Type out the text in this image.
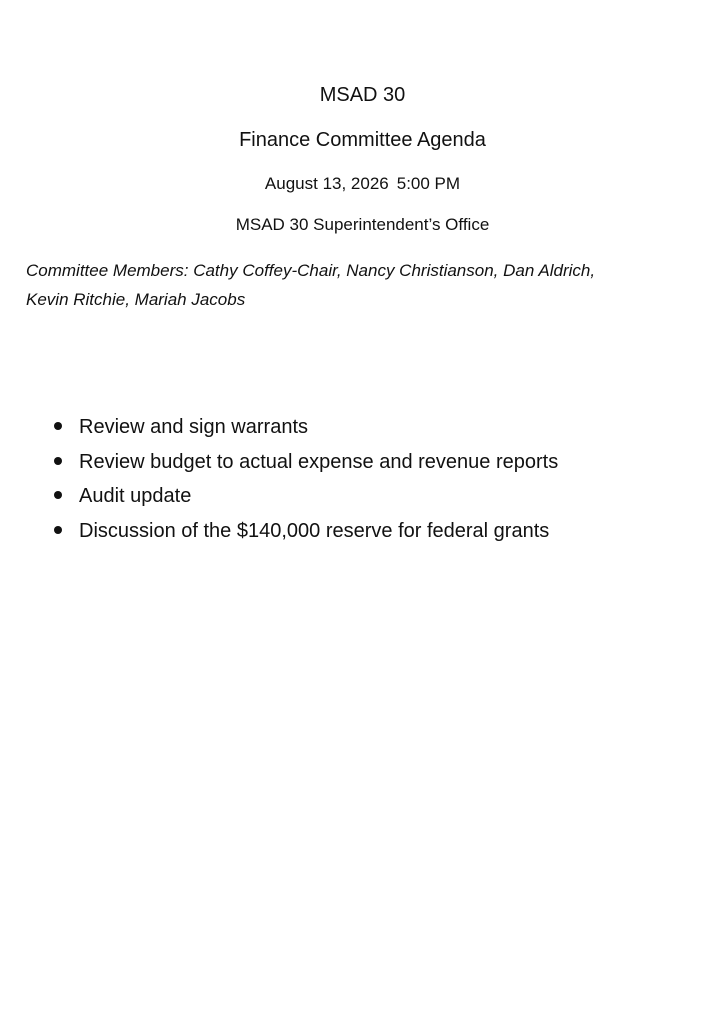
MSAD 30
Finance Committee Agenda
August 13, 2026 5:00 PM
MSAD 30 Superintendent’s Office
Committee Members: Cathy Coffey-Chair, Nancy Christianson, Dan Aldrich,
Kevin Ritchie, Mariah Jacobs
Review and sign warrants
Review budget to actual expense and revenue reports
Audit update
Discussion of the $140,000 reserve for federal grants
